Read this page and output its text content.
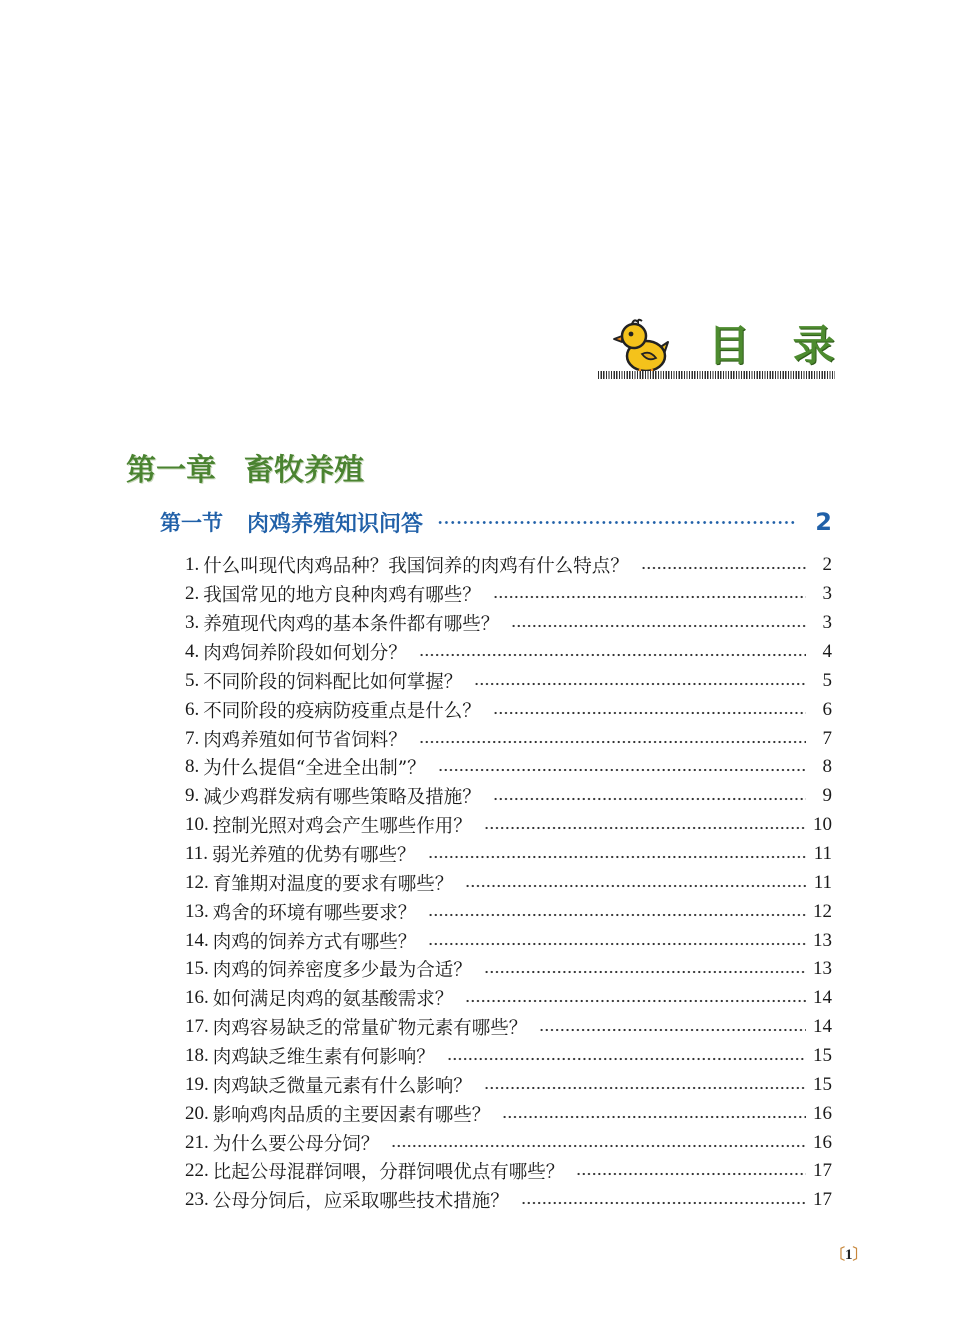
目 录
第一章 畜牧养殖
第一节 肉鸡养殖知识问答	2
1. 什么叫现代肉鸡品种？我国饲养的肉鸡有什么特点？	2
2. 我国常见的地方良种肉鸡有哪些？	3
3. 养殖现代肉鸡的基本条件都有哪些？	3
4. 肉鸡饲养阶段如何划分？	4
5. 不同阶段的饲料配比如何掌握？	5
6. 不同阶段的疫病防疫重点是什么？	6
7. 肉鸡养殖如何节省饲料？	7
8. 为什么提倡“全进全出制”？	8
9. 减少鸡群发病有哪些策略及措施？	9
10. 控制光照对鸡会产生哪些作用？	10
11. 弱光养殖的优势有哪些？	11
12. 育雏期对温度的要求有哪些？	11
13. 鸡舍的环境有哪些要求？	12
14. 肉鸡的饲养方式有哪些？	13
15. 肉鸡的饲养密度多少最为合适？	13
16. 如何满足肉鸡的氨基酸需求？	14
17. 肉鸡容易缺乏的常量矿物元素有哪些？	14
18. 肉鸡缺乏维生素有何影响？	15
19. 肉鸡缺乏微量元素有什么影响？	15
20. 影响鸡肉品质的主要因素有哪些？	16
21. 为什么要公母分饲？	16
22. 比起公母混群饲喂，分群饲喂优点有哪些？	17
23. 公母分饲后，应采取哪些技术措施？	17
〔1〕
